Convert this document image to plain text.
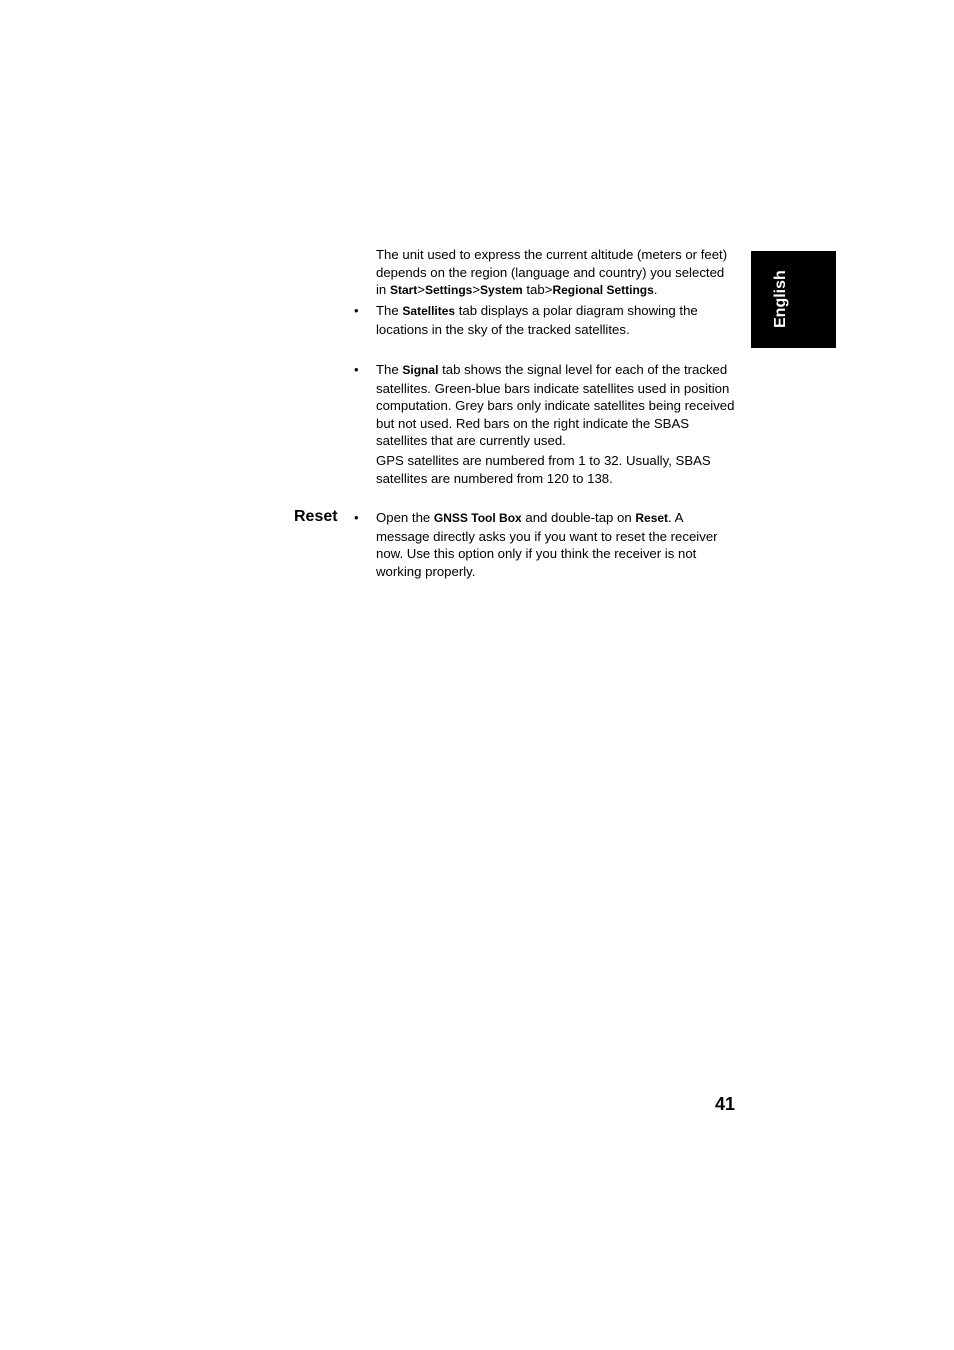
English

The unit used to express the current altitude (meters or feet) depends on the region (language and country) you selected in Start>Settings>System tab>Regional Settings.

• The Satellites tab displays a polar diagram showing the locations in the sky of the tracked satellites.

• The Signal tab shows the signal level for each of the tracked satellites. Green-blue bars indicate satellites used in position computation. Grey bars only indicate satellites being received but not used. Red bars on the right indicate the SBAS satellites that are currently used.

GPS satellites are numbered from 1 to 32. Usually, SBAS satellites are numbered from 120 to 138.

Reset • Open the GNSS Tool Box and double-tap on Reset. A message directly asks you if you want to reset the receiver now. Use this option only if you think the receiver is not working properly.

41
